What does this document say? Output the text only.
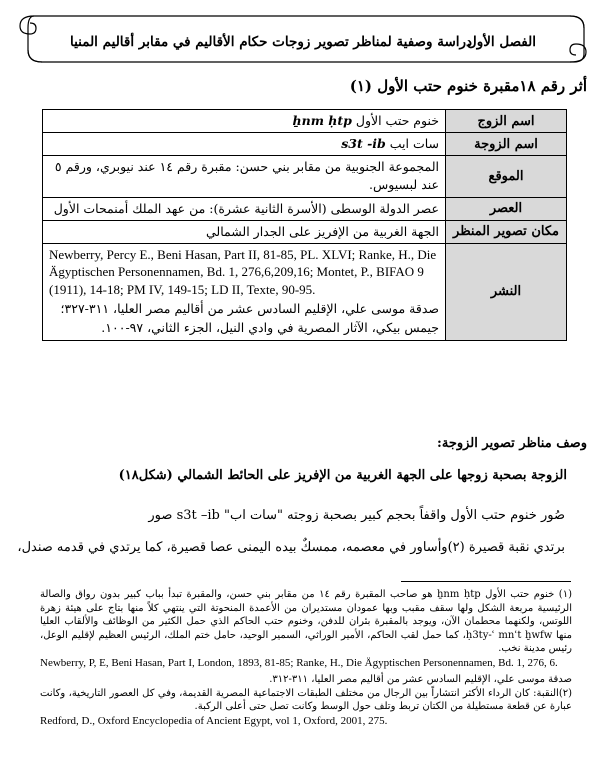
الفصل الأول
دراسة وصفية لمناظر تصوير زوجات حكام الأقاليم في مقابر أقاليم المنيا
أثر رقم ١٨مقبرة خنوم حتب الأول (١)
اسم الزوج	خنوم حتب الأول ẖnm ḥtp
اسم الزوجة	سات ايب s3t -ib
الموقع	المجموعة الجنوبية من مقابر بني حسن: مقبرة رقم ١٤ عند نيوبري، ورقم ٥ عند لبسيوس.
العصر	عصر الدولة الوسطى (الأسرة الثانية عشرة): من عهد الملك أمنمحات الأول
مكان تصوير المنظر	الجهة الغربية من الإفريز على الجدار الشمالي
النشر	Newberry, Percy E., Beni Hasan, Part II, 81-85, PL. XLVI; Ranke, H., Die Ägyptischen Personennamen, Bd. 1, 276,6,209,16; Montet, P., BIFAO 9 (1911), 14-18; PM IV, 149-15; LD II, Texte, 90-95.
صدقة موسى علي، الإقليم السادس عشر من أقاليم مصر العليا، ٣١١-٣٢٧؛ جيمس بيكي، الآثار المصرية في وادي النيل، الجزء الثاني، ٩٧-١٠٠.
وصف مناظر تصوير الزوجة:
الزوجة بصحبة زوجها على الجهة الغربية من الإفريز على الحائط الشمالي (شكل١٨)
صُور خنوم حتب الأول واقفاً بحجم كبير بصحبة زوجته "سات اب" s3t –ib صور
برتدي نقبة قصيرة (٢)وأساور في معصمه، ممسكٌ بيده اليمنى عصا قصيرة، كما يرتدي في قدمه صندل،
(١) خنوم حتب الأول ẖnm ḥtp هو صاحب المقبرة رقم ١٤ من مقابر بني حسن، والمقبرة تبدأ بباب كبير بدون رواق والصالة الرئيسية مربعة الشكل ولها سقف مقبب وبها عمودان مستديران من الأعمدة المنحوتة التي ينتهي كلاً منها بتاج على هيئة زهرة اللوتس، ولكنهما محطمان الآن، ويوجد بالمقبرة بئران للدفن، وخنوم حتب الحاكم الذي حمل الكثير من الوظائف والألقاب العليا منها ḥ3ty-ʿ mnʿt ḫwfw، كما حمل لقب الحاكم، الأمير الوراثي، السمير الوحيد، حامل ختم الملك، الرئيس العظيم لإقليم الوعل، رئيس مدينة نخب.
Newberry, P, E, Beni Hasan, Part I, London, 1893, 81-85; Ranke, H., Die Ägyptischen Personennamen, Bd. 1, 276, 6.
صدقة موسى علي، الإقليم السادس عشر من أقاليم مصر العليا، ٣١١-٣١٢.
(٢)النقبة: كان الرداء الأكثر انتشاراً بين الرجال من مختلف الطبقات الاجتماعية المصرية القديمة، وفي كل العصور التاريخية، وكانت عبارة عن قطعة مستطيلة من الكتان تربط وتلف حول الوسط وكانت تصل حتى أعلى الركبة.
Redford, D., Oxford Encyclopedia of Ancient Egypt, vol 1, Oxford, 2001, 275.
